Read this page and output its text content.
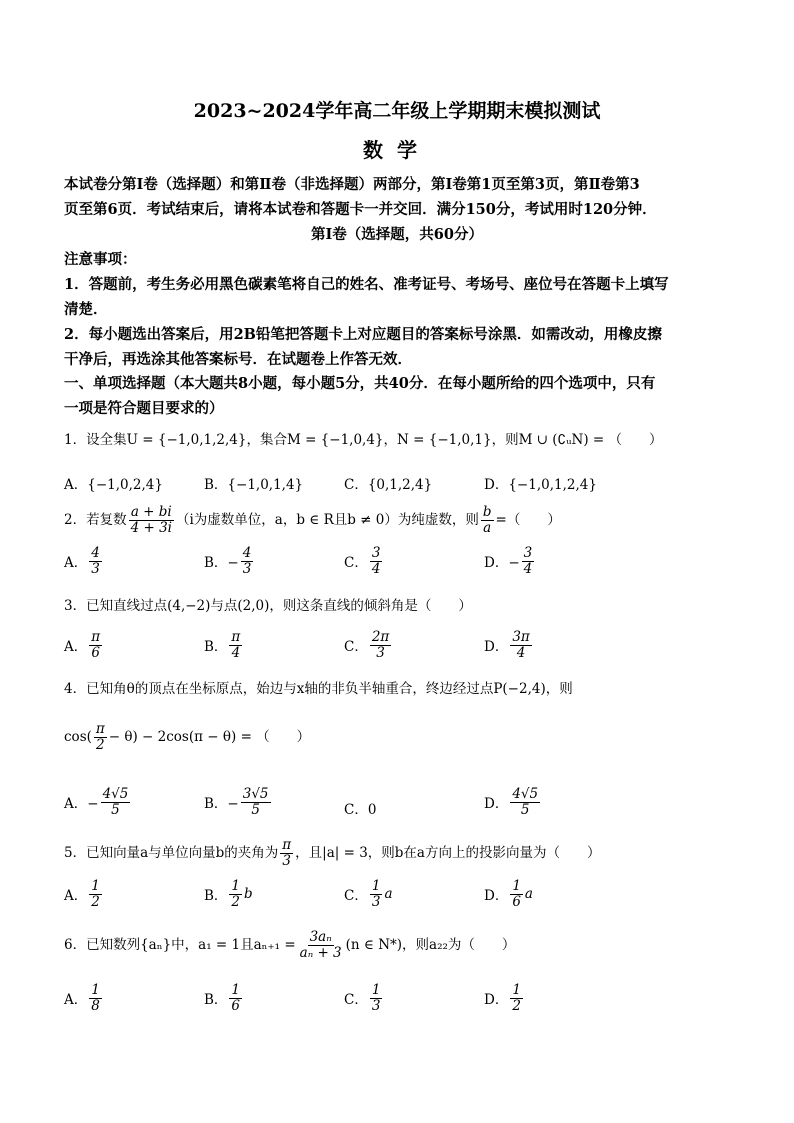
2023~2024学年高二年级上学期期末模拟测试
数学
本试卷分第Ⅰ卷（选择题）和第Ⅱ卷（非选择题）两部分，第Ⅰ卷第1页至第3页，第Ⅱ卷第3
页至第6页．考试结束后，请将本试卷和答题卡一并交回．满分150分，考试用时120分钟．
第Ⅰ卷（选择题，共60分）
注意事项：
1．答题前，考生务必用黑色碳素笔将自己的姓名、准考证号、考场号、座位号在答题卡上填写
清楚．
2．每小题选出答案后，用2B铅笔把答题卡上对应题目的答案标号涂黑．如需改动，用橡皮擦
干净后，再选涂其他答案标号．在试题卷上作答无效．
一、单项选择题（本大题共8小题，每小题5分，共40分．在每小题所给的四个选项中，只有
一项是符合题目要求的）
1．设全集U = {−1,0,1,2,4}，集合M = {−1,0,4}，N = {−1,0,1}，则M ∪ (∁ᵤN) = （　　）
A．{−1,0,2,4}	B．{−1,0,1,4}	C．{0,1,2,4}	D．{−1,0,1,2,4}
2．若复数 $\frac{a + bi}{4 + 3i} (i$为虚数单位，a，b ∈ R且b ≠ 0）为纯虚数，则 $\frac{b}{a}$ =（　　）
A． $\frac{4}{3}$	B．− $\frac{4}{3}$	C． $\frac{3}{4}$	D．− $\frac{3}{4}$
3．已知直线过点(4,−2)与点(2,0)，则这条直线的倾斜角是（　　）
A． $\frac{\pi}{6}$	B． $\frac{\pi}{4}$	C． $\frac{2\pi}{3}$	D． $\frac{3\pi}{4}$
4．已知角θ的顶点在坐标原点，始边与x轴的非负半轴重合，终边经过点P(−2,4)，则
$\cos( \frac{\pi}{2} - \theta) - 2\cos(\pi - \theta)$ = （　　）
A．− $\frac{4√5}{5}$	B．− $\frac{3√5}{5}$	C．0	D． $\frac{4√5}{5}$
5．已知向量a与单位向量b的夹角为 $\frac{\pi}{3}$ ，且|a| = 3，则b在a方向上的投影向量为（　　）
A． $\frac{1}{2}$	B． $\frac{1}{2}$ b	C． $\frac{1}{3}$ a	D． $\frac{1}{6}$ a
6．已知数列{aₙ}中，a₁ = 1且$a_{n+1} = \frac{\text{3aₙ}}{\text{aₙ + 3}} (n$ ∈ N*)，则a₂₂为（　　）
A． $\frac{1}{8}$	B． $\frac{1}{6}$	C． $\frac{1}{3}$	D． $\frac{1}{2}$
